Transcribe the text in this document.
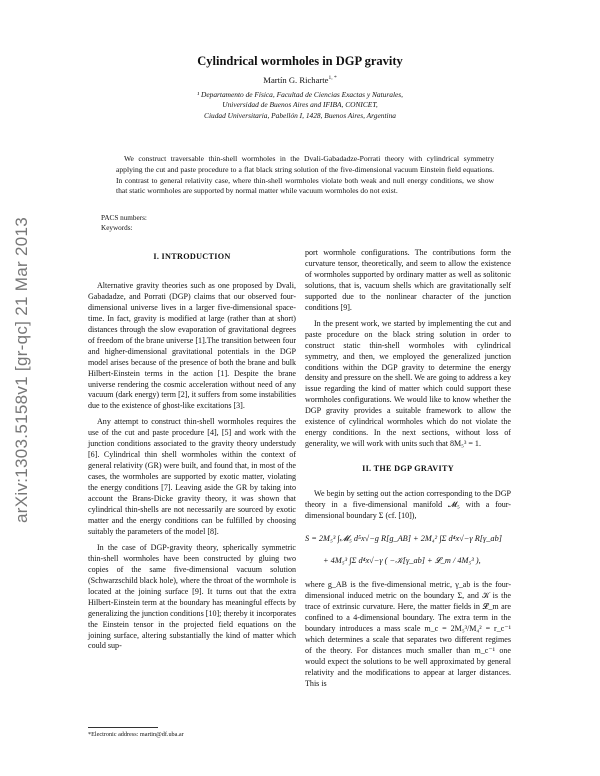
arXiv:1303.5158v1 [gr-qc] 21 Mar 2013
Cylindrical wormholes in DGP gravity
Martín G. Richarte$^{1, *}$

¹ Departamento de Física, Facultad de Ciencias Exactas y Naturales,

Universidad de Buenos Aires and IFIBA, CONICET,

Ciudad Universitaria, Pabellón I, 1428, Buenos Aires, Argentina

We construct traversable thin-shell wormholes in the Dvali-Gabadadze-Porrati theory with cylindrical symmetry applying the cut and paste procedure to a flat black string solution of the five-dimensional vacuum Einstein field equations. In contrast to general relativity case, where thin-shell wormholes violate both weak and null energy conditions, we show that static wormholes are supported by normal matter while vacuum wormholes do not exist.

PACS numbers:

Keywords:

I. INTRODUCTION

Alternative gravity theories such as one proposed by Dvali, Gabadadze, and Porrati (DGP) claims that our observed four-dimensional universe lives in a larger five-dimensional space-time. In fact, gravity is modified at large (rather than at short) distances through the slow evaporation of gravitational degrees of freedom of the brane universe [1].The transition between four and higher-dimensional gravitational potentials in the DGP model arises because of the presence of both the brane and bulk Hilbert-Einstein terms in the action [1]. Despite the brane universe rendering the cosmic acceleration without need of any vacuum (dark energy) term [2], it suffers from some instabilities due to the existence of ghost-like excitations [3].

Any attempt to construct thin-shell wormholes requires the use of the cut and paste procedure [4], [5] and work with the junction conditions associated to the gravity theory understudy [6]. Cylindrical thin shell wormholes within the context of general relativity (GR) were built, and found that, in most of the cases, the wormholes are supported by exotic matter, violating the energy conditions [7]. Leaving aside the GR by taking into account the Brans-Dicke gravity theory, it was shown that cylindrical thin-shells are not necessarily are sourced by exotic matter and the energy conditions can be fulfilled by choosing suitably the parameters of the model [8].

In the case of DGP-gravity theory, spherically symmetric thin-shell wormholes have been constructed by gluing two copies of the same five-dimensional vacuum solution (Schwarzschild black hole), where the throat of the wormhole is located at the joining surface [9]. It turns out that the extra Hilbert-Einstein term at the boundary has meaningful effects by generalizing the junction conditions [10]; thereby it incorporates the Einstein tensor in the projected field equations on the joining surface, altering substantially the kind of matter which could sup-

port wormhole configurations. The contributions form the curvature tensor, theoretically, and seem to allow the existence of wormholes supported by ordinary matter as well as solitonic solutions, that is, vacuum shells which are gravitationally self supported due to the nonlinear character of the junction conditions [9].

In the present work, we started by implementing the cut and paste procedure on the black string solution in order to construct static thin-shell wormholes with cylindrical symmetry, and then, we employed the generalized junction conditions within the DGP gravity to determine the energy density and pressure on the shell. We are going to address a key issue regarding the kind of matter which could support these wormholes configurations. We would like to know whether the DGP gravity provides a suitable framework to allow the existence of cylindrical wormholes which do not violate the energy conditions. In the next sections, without loss of generality, we will work with units such that 8M₅³ = 1.

II. THE DGP GRAVITY

We begin by setting out the action corresponding to the DGP theory in a five-dimensional manifold 𝓜₅ with a four-dimensional boundary Σ (cf. [10]),

S = 2M₅³ ∫𝓜₅ d⁵x√−g R[g_AB] + 2M₄² ∫Σ d⁴x√−γ R[γ_ab]
+ 4M₅³ ∫Σ d⁴x√−γ ( −𝒦[γ_ab] + 𝓛_m / 4M₅³ ),

where g_AB is the five-dimensional metric, γ_ab is the four-dimensional induced metric on the boundary Σ, and 𝒦 is the trace of extrinsic curvature. Here, the matter fields in 𝓛_m are confined to a 4-dimensional boundary. The extra term in the boundary introduces a mass scale m_c = 2M₅³/M₄² = r_c⁻¹ which determines a scale that separates two different regimes of the theory. For distances much smaller than m_c⁻¹ one would expect the solutions to be well approximated by general relativity and the modifications to appear at larger distances. This is

*Electronic address: martin@df.uba.ar
